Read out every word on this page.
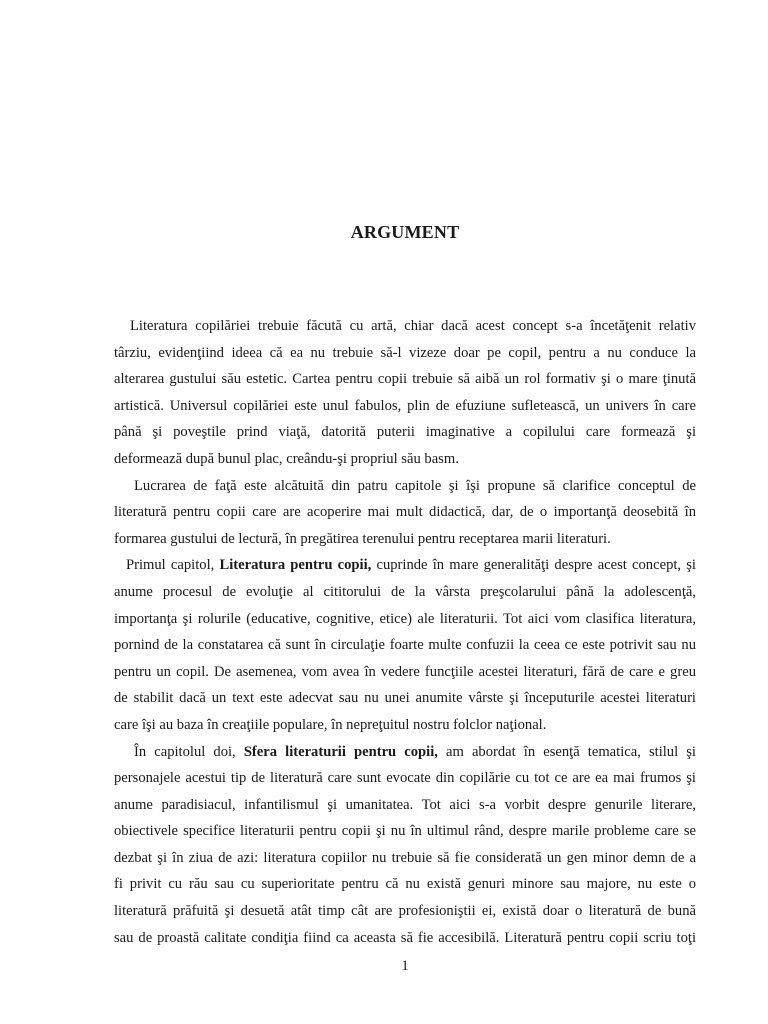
ARGUMENT
Literatura copilăriei trebuie făcută cu artă, chiar dacă acest concept s-a încetăţenit relativ
târziu, evidenţiind ideea că ea nu trebuie să-l vizeze doar pe copil, pentru a nu conduce la
alterarea gustului său estetic. Cartea pentru copii trebuie să aibă un rol formativ şi o mare ţinută
artistică. Universul copilăriei este unul fabulos, plin de efuziune sufletească, un univers în care
până şi poveştile prind viaţă, datorită puterii imaginative a copilului care formează şi
deformează după bunul plac, creându-şi propriul său basm.
Lucrarea de faţă este alcătuită din patru capitole şi îşi propune să clarifice conceptul de
literatură pentru copii care are acoperire mai mult didactică, dar, de o importanţă deosebită în
formarea gustului de lectură, în pregătirea terenului pentru receptarea marii literaturi.
Primul capitol, Literatura pentru copii, cuprinde în mare generalităţi despre acest concept, şi
anume procesul de evoluţie al cititorului de la vârsta preşcolarului până la adolescenţă,
importanţa şi rolurile (educative, cognitive, etice) ale literaturii. Tot aici vom clasifica literatura,
pornind de la constatarea că sunt în circulaţie foarte multe confuzii la ceea ce este potrivit sau nu
pentru un copil. De asemenea, vom avea în vedere funcţiile acestei literaturi, fără de care e greu
de stabilit dacă un text este adecvat sau nu unei anumite vârste şi începuturile acestei literaturi
care îşi au baza în creaţiile populare, în nepreţuitul nostru folclor naţional.
În capitolul doi, Sfera literaturii pentru copii, am abordat în esenţă tematica, stilul şi
personajele acestui tip de literatură care sunt evocate din copilărie cu tot ce are ea mai frumos şi
anume paradisiacul, infantilismul şi umanitatea. Tot aici s-a vorbit despre genurile literare,
obiectivele specifice literaturii pentru copii şi nu în ultimul rând, despre marile probleme care se
dezbat şi în ziua de azi: literatura copiilor nu trebuie să fie considerată un gen minor demn de a
fi privit cu rău sau cu superioritate pentru că nu există genuri minore sau majore, nu este o
literatură prăfuită şi desuetă atât timp cât are profesioniştii ei, există doar o literatură de bună
sau de proastă calitate condiţia fiind ca aceasta să fie accesibilă. Literatură pentru copii scriu toţi
1
